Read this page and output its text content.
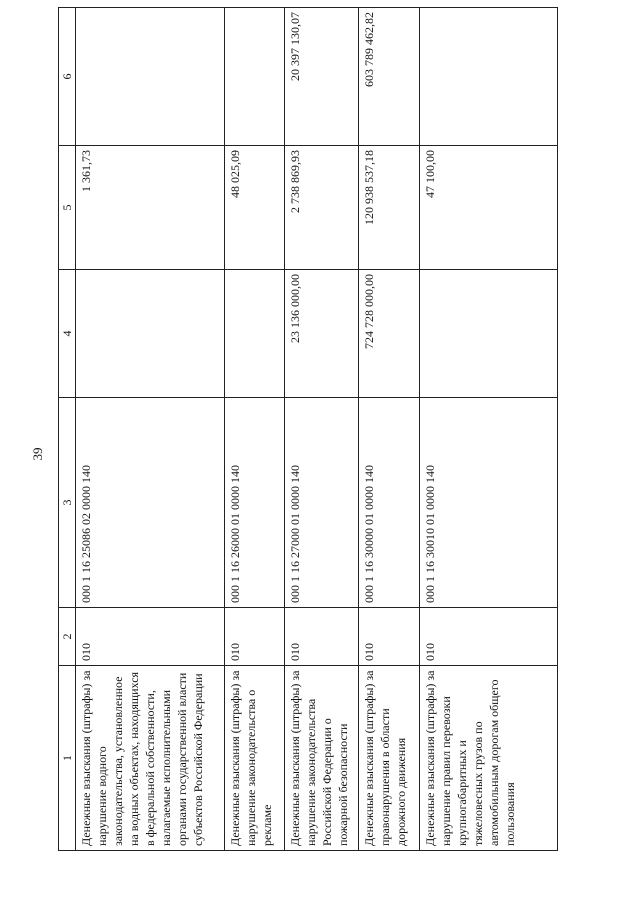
39
1	2	3	4	5	6
Денежные взыскания (штрафы) за нарушение водного законодательства, установленное на водных объектах, находящихся в федеральной собственности, налагаемые исполнительными органами государственной власти субъектов Российской Федерации	010	000 1 16 25086 02 0000 140		1 361,73	
Денежные взыскания (штрафы) за нарушение законодательства о рекламе	010	000 1 16 26000 01 0000 140		48 025,09	
Денежные взыскания (штрафы) за нарушение законодательства Российской Федерации о пожарной безопасности	010	000 1 16 27000 01 0000 140	23 136 000,00	2 738 869,93	20 397 130,07
Денежные взыскания (штрафы) за правонарушения в области дорожного движения	010	000 1 16 30000 01 0000 140	724 728 000,00	120 938 537,18	603 789 462,82
Денежные взыскания (штрафы) за нарушение правил перевозки крупногабаритных и тяжеловесных грузов по автомобильным дорогам общего пользования	010	000 1 16 30010 01 0000 140		47 100,00	
